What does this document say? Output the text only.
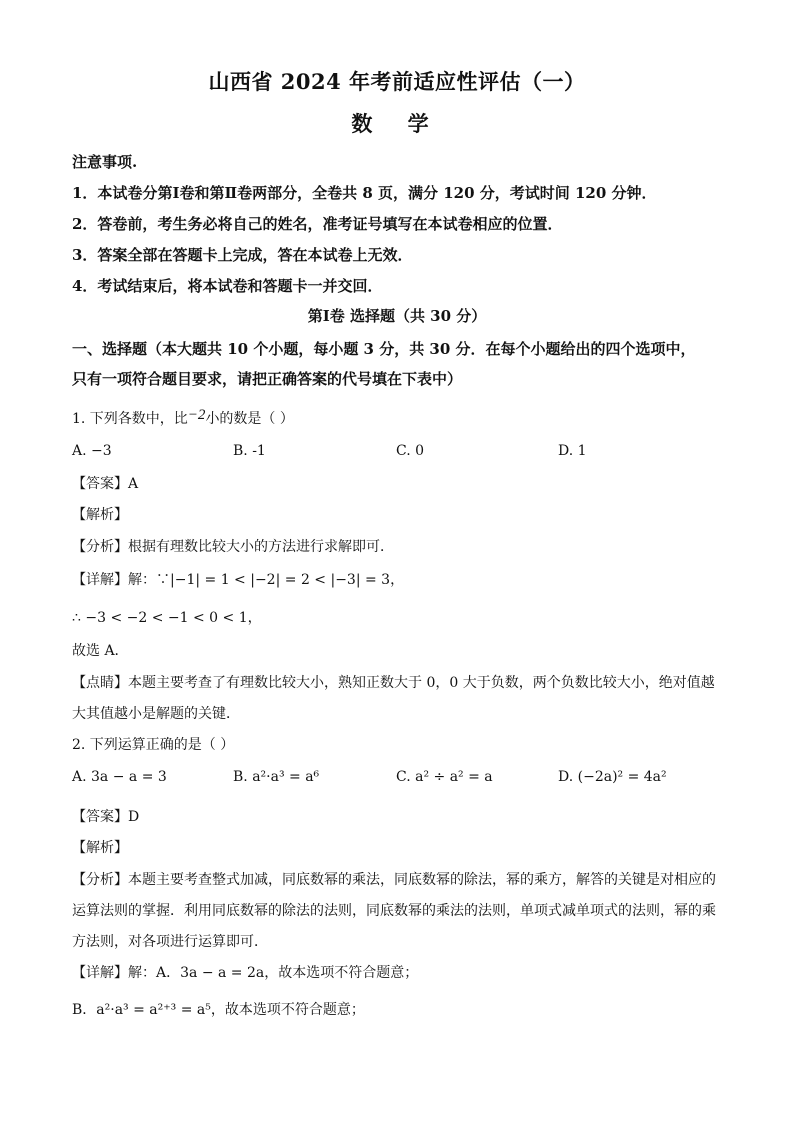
山西省 2024 年考前适应性评估（一）
数 学
注意事项.
1．本试卷分第Ⅰ卷和第Ⅱ卷两部分，全卷共 8 页，满分 120 分，考试时间 120 分钟．
2．答卷前，考生务必将自己的姓名，准考证号填写在本试卷相应的位置．
3．答案全部在答题卡上完成，答在本试卷上无效．
4．考试结束后，将本试卷和答题卡一并交回．
第Ⅰ卷 选择题（共 30 分）
一、选择题（本大题共 10 个小题，每小题 3 分，共 30 分．在每个小题给出的四个选项中，
只有一项符合题目要求，请把正确答案的代号填在下表中）
1. 下列各数中，比−2小的数是（ ）
A. −3	B. -1	C. 0	D. 1
【答案】A
【解析】
【分析】根据有理数比较大小的方法进行求解即可．
【详解】解：∵|−1| = 1 < |−2| = 2 < |−3| = 3，
∴ −3 < −2 < −1 < 0 < 1，
故选 A．
【点睛】本题主要考查了有理数比较大小，熟知正数大于 0，0 大于负数，两个负数比较大小，绝对值越
大其值越小是解题的关键．
2. 下列运算正确的是（ ）
A. 3a − a = 3	B. a²·a³ = a⁶	C. a² ÷ a² = a	D. (−2a)² = 4a²
【答案】D
【解析】
【分析】本题主要考查整式加减，同底数幂的乘法，同底数幂的除法，幂的乘方，解答的关键是对相应的
运算法则的掌握．利用同底数幂的除法的法则，同底数幂的乘法的法则，单项式减单项式的法则，幂的乘
方法则，对各项进行运算即可．
【详解】解：A．3a − a = 2a，故本选项不符合题意；
B．a²·a³ = a²⁺³ = a⁵，故本选项不符合题意；
